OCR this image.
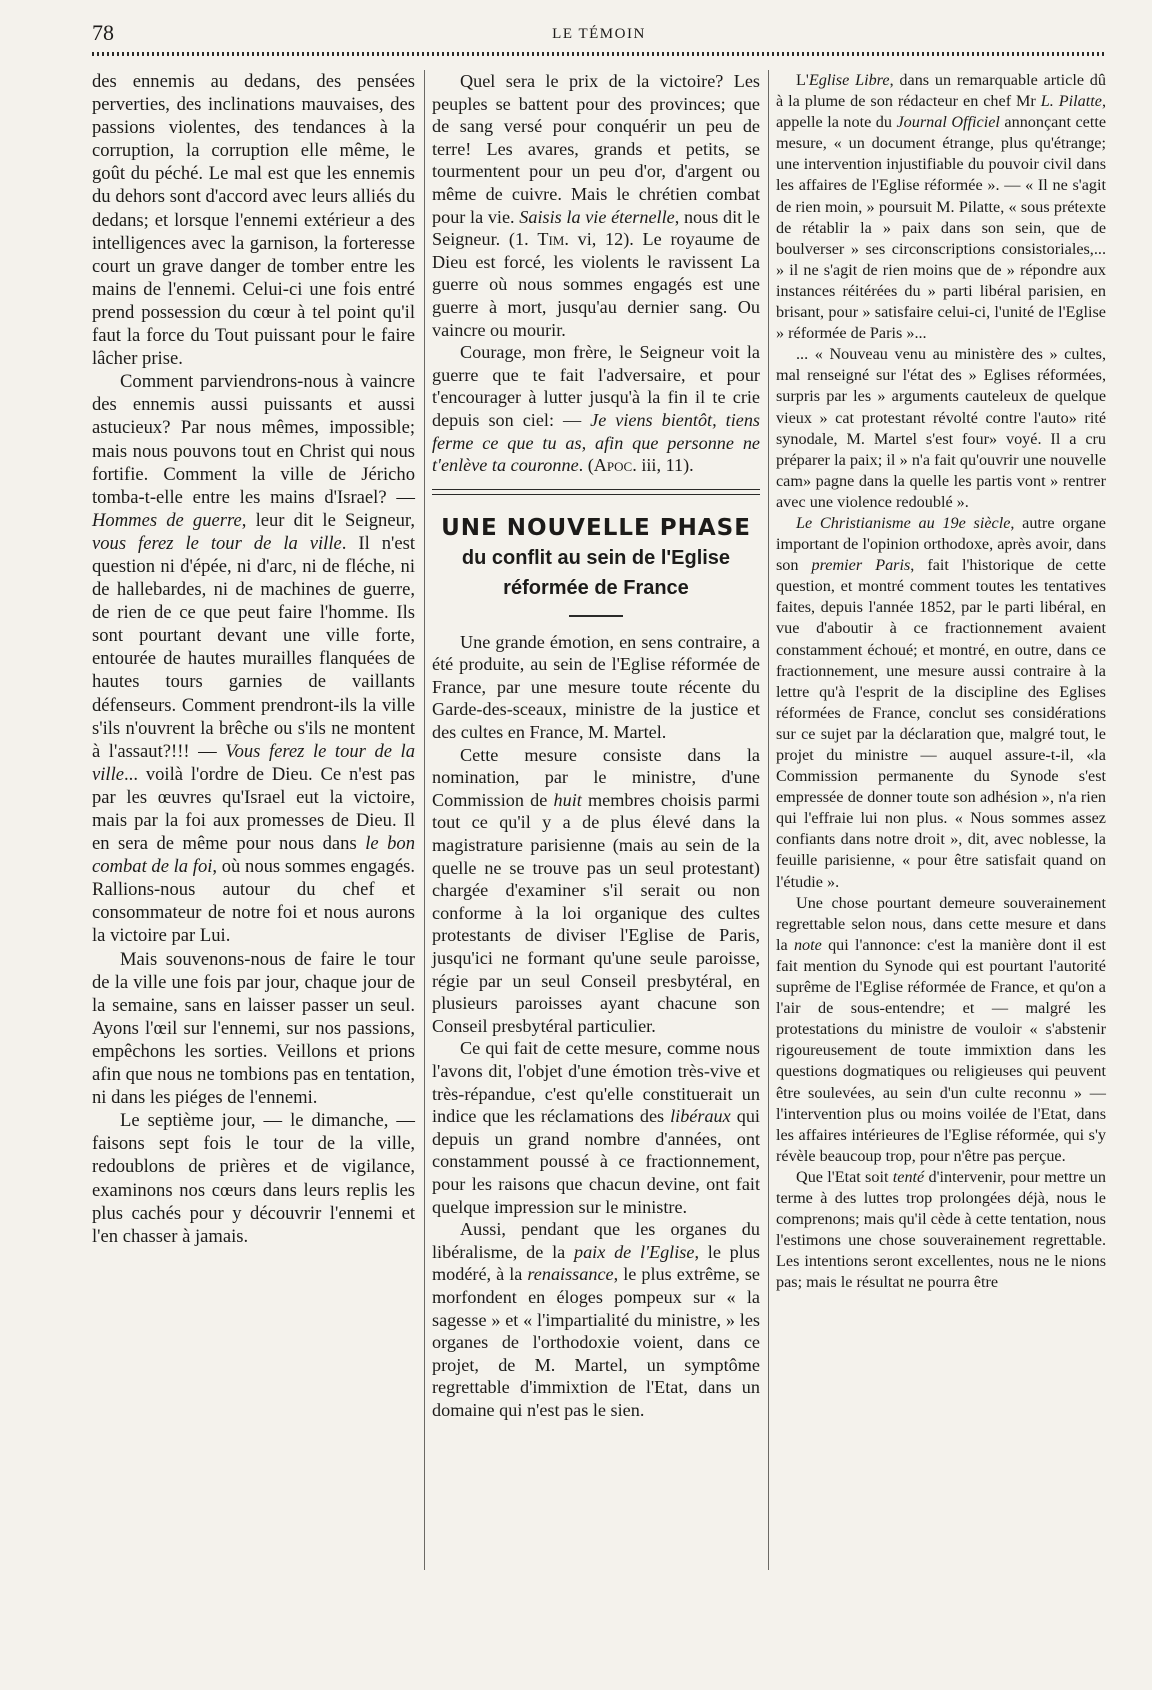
78	LE TÉMOIN

des ennemis au dedans, des pensées perverties, des inclinations mauvaises, des passions violentes, des tendances à la corruption, la corruption elle même, le goût du péché. Le mal est que les ennemis du dehors sont d'accord avec leurs alliés du dedans; et lorsque l'ennemi extérieur a des intelligences avec la garnison, la forteresse court un grave danger de tomber entre les mains de l'ennemi. Celui-ci une fois entré prend possession du cœur à tel point qu'il faut la force du Tout puissant pour le faire lâcher prise.

Comment parviendrons-nous à vaincre des ennemis aussi puissants et aussi astucieux? Par nous mêmes, impossible; mais nous pouvons tout en Christ qui nous fortifie. Comment la ville de Jéricho tomba-t-elle entre les mains d'Israel? — Hommes de guerre, leur dit le Seigneur, vous ferez le tour de la ville. Il n'est question ni d'épée, ni d'arc, ni de fléche, ni de hallebardes, ni de machines de guerre, de rien de ce que peut faire l'homme. Ils sont pourtant devant une ville forte, entourée de hautes murailles flanquées de hautes tours garnies de vaillants défenseurs. Comment prendront-ils la ville s'ils n'ouvrent la brêche ou s'ils ne montent à l'assaut?!!! — Vous ferez le tour de la ville... voilà l'ordre de Dieu. Ce n'est pas par les œuvres qu'Israel eut la victoire, mais par la foi aux promesses de Dieu. Il en sera de même pour nous dans le bon combat de la foi, où nous sommes engagés. Rallions-nous autour du chef et consommateur de notre foi et nous aurons la victoire par Lui.

Mais souvenons-nous de faire le tour de la ville une fois par jour, chaque jour de la semaine, sans en laisser passer un seul. Ayons l'œil sur l'ennemi, sur nos passions, empêchons les sorties. Veillons et prions afin que nous ne tombions pas en tentation, ni dans les piéges de l'ennemi.

Le septième jour, — le dimanche, — faisons sept fois le tour de la ville, redoublons de prières et de vigilance, examinons nos cœurs dans leurs replis les plus cachés pour y découvrir l'ennemi et l'en chasser à jamais.

Quel sera le prix de la victoire? Les peuples se battent pour des provinces; que de sang versé pour conquérir un peu de terre! Les avares, grands et petits, se tourmentent pour un peu d'or, d'argent ou même de cuivre. Mais le chrétien combat pour la vie. Saisis la vie éternelle, nous dit le Seigneur. (1. Tim. vi, 12). Le royaume de Dieu est forcé, les violents le ravissent La guerre où nous sommes engagés est une guerre à mort, jusqu'au dernier sang. Ou vaincre ou mourir.

Courage, mon frère, le Seigneur voit la guerre que te fait l'adversaire, et pour t'encourager à lutter jusqu'à la fin il te crie depuis son ciel: — Je viens bientôt, tiens ferme ce que tu as, afin que personne ne t'enlève ta couronne. (Apoc. iii, 11).

UNE NOUVELLE PHASE
du conflit au sein de l'Eglise
réformée de France

Une grande émotion, en sens contraire, a été produite, au sein de l'Eglise réformée de France, par une mesure toute récente du Garde-des-sceaux, ministre de la justice et des cultes en France, M. Martel.

Cette mesure consiste dans la nomination, par le ministre, d'une Commission de huit membres choisis parmi tout ce qu'il y a de plus élevé dans la magistrature parisienne (mais au sein de la quelle ne se trouve pas un seul protestant) chargée d'examiner s'il serait ou non conforme à la loi organique des cultes protestants de diviser l'Eglise de Paris, jusqu'ici ne formant qu'une seule paroisse, régie par un seul Conseil presbytéral, en plusieurs paroisses ayant chacune son Conseil presbytéral particulier.

Ce qui fait de cette mesure, comme nous l'avons dit, l'objet d'une émotion très-vive et très-répandue, c'est qu'elle constituerait un indice que les réclamations des libéraux qui depuis un grand nombre d'années, ont constamment poussé à ce fractionnement, pour les raisons que chacun devine, ont fait quelque impression sur le ministre.

Aussi, pendant que les organes du libéralisme, de la paix de l'Eglise, le plus modéré, à la renaissance, le plus extrême, se morfondent en éloges pompeux sur « la sagesse » et « l'impartialité du ministre, » les organes de l'orthodoxie voient, dans ce projet, de M. Martel, un symptôme regrettable d'immixtion de l'Etat, dans un domaine qui n'est pas le sien.

L'Eglise Libre, dans un remarquable article dû à la plume de son rédacteur en chef Mr L. Pilatte, appelle la note du Journal Officiel annonçant cette mesure, « un document étrange, plus qu'étrange; une intervention injustifiable du pouvoir civil dans les affaires de l'Eglise réformée ». — « Il ne s'agit de rien moin, » poursuit M. Pilatte, « sous prétexte de rétablir la » paix dans son sein, que de boulverser » ses circonscriptions consistoriales,... » il ne s'agit de rien moins que de » répondre aux instances réitérées du » parti libéral parisien, en brisant, pour » satisfaire celui-ci, l'unité de l'Eglise » réformée de Paris »...

... « Nouveau venu au ministère des » cultes, mal renseigné sur l'état des » Eglises réformées, surpris par les » arguments cauteleux de quelque vieux » cat protestant révolté contre l'auto» rité synodale, M. Martel s'est four» voyé. Il a cru préparer la paix; il » n'a fait qu'ouvrir une nouvelle cam» pagne dans la quelle les partis vont » rentrer avec une violence redoublé ».

Le Christianisme au 19e siècle, autre organe important de l'opinion orthodoxe, après avoir, dans son premier Paris, fait l'historique de cette question, et montré comment toutes les tentatives faites, depuis l'année 1852, par le parti libéral, en vue d'aboutir à ce fractionnement avaient constamment échoué; et montré, en outre, dans ce fractionnement, une mesure aussi contraire à la lettre qu'à l'esprit de la discipline des Eglises réformées de France, conclut ses considérations sur ce sujet par la déclaration que, malgré tout, le projet du ministre — auquel assure-t-il, «la Commission permanente du Synode s'est empressée de donner toute son adhésion », n'a rien qui l'effraie lui non plus. « Nous sommes assez confiants dans notre droit », dit, avec noblesse, la feuille parisienne, « pour être satisfait quand on l'étudie ».

Une chose pourtant demeure souverainement regrettable selon nous, dans cette mesure et dans la note qui l'annonce: c'est la manière dont il est fait mention du Synode qui est pourtant l'autorité suprême de l'Eglise réformée de France, et qu'on a l'air de sous-entendre; et — malgré les protestations du ministre de vouloir « s'abstenir rigoureusement de toute immixtion dans les questions dogmatiques ou religieuses qui peuvent être soulevées, au sein d'un culte reconnu » — l'intervention plus ou moins voilée de l'Etat, dans les affaires intérieures de l'Eglise réformée, qui s'y révèle beaucoup trop, pour n'être pas perçue.

Que l'Etat soit tenté d'intervenir, pour mettre un terme à des luttes trop prolongées déjà, nous le comprenons; mais qu'il cède à cette tentation, nous l'estimons une chose souverainement regrettable. Les intentions seront excellentes, nous ne le nions pas; mais le résultat ne pourra être
